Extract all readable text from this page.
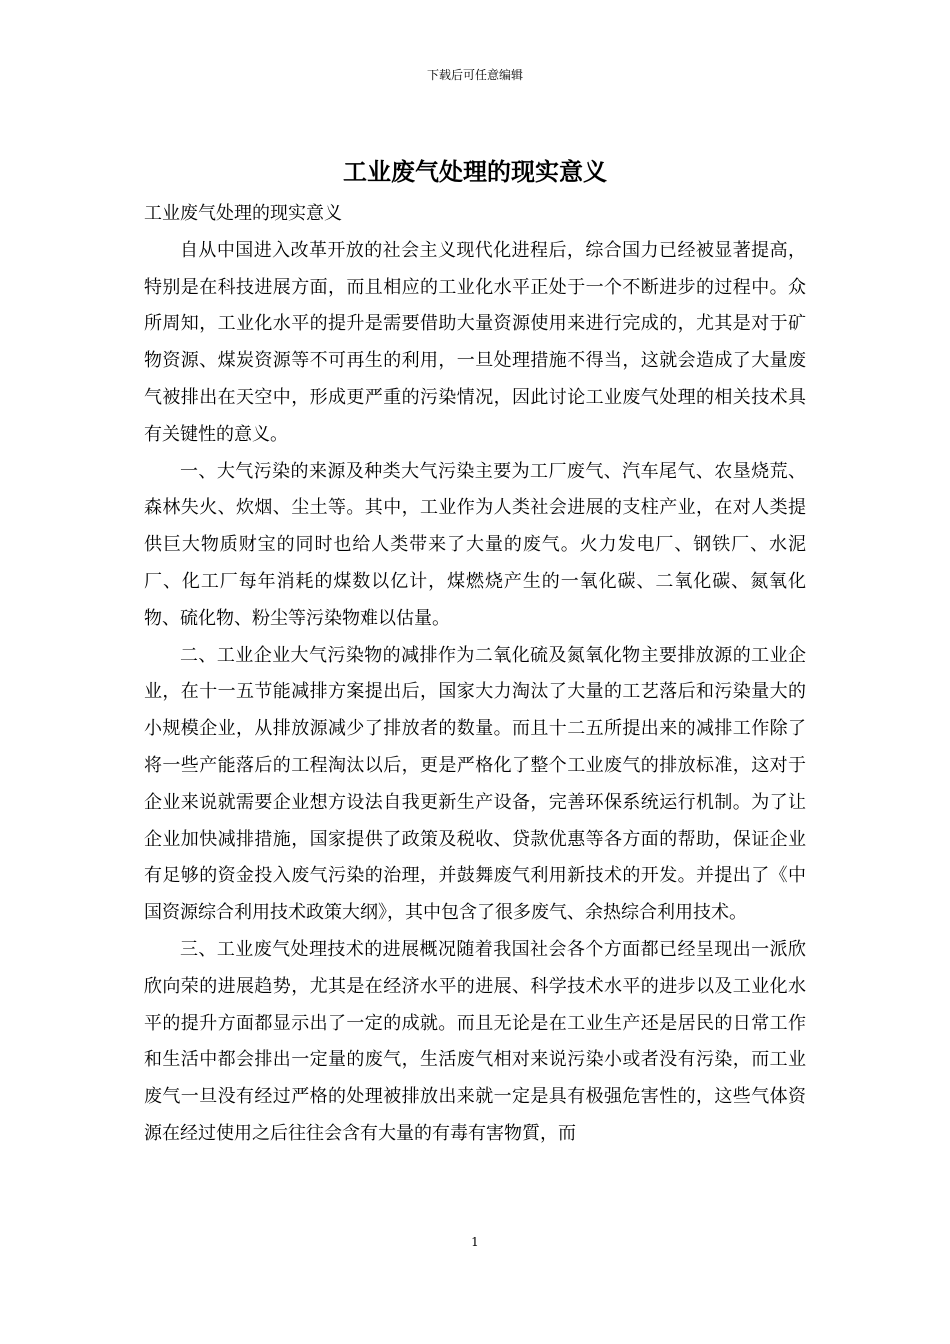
下载后可任意编辑
工业废气处理的现实意义

工业废气处理的现实意义

自从中国进入改革开放的社会主义现代化进程后，综合国力已经被显著提高，特别是在科技进展方面，而且相应的工业化水平正处于一个不断进步的过程中。众所周知，工业化水平的提升是需要借助大量资源使用来进行完成的，尤其是对于矿物资源、煤炭资源等不可再生的利用，一旦处理措施不得当，这就会造成了大量废气被排出在天空中，形成更严重的污染情况，因此讨论工业废气处理的相关技术具有关键性的意义。

一、大气污染的来源及种类大气污染主要为工厂废气、汽车尾气、农垦烧荒、森林失火、炊烟、尘土等。其中，工业作为人类社会进展的支柱产业，在对人类提供巨大物质财宝的同时也给人类带来了大量的废气。火力发电厂、钢铁厂、水泥厂、化工厂每年消耗的煤数以亿计，煤燃烧产生的一氧化碳、二氧化碳、氮氧化物、硫化物、粉尘等污染物难以估量。

二、工业企业大气污染物的减排作为二氧化硫及氮氧化物主要排放源的工业企业，在十一五节能减排方案提出后，国家大力淘汰了大量的工艺落后和污染量大的小规模企业，从排放源减少了排放者的数量。而且十二五所提出来的减排工作除了将一些产能落后的工程淘汰以后，更是严格化了整个工业废气的排放标准，这对于企业来说就需要企业想方设法自我更新生产设备，完善环保系统运行机制。为了让企业加快减排措施，国家提供了政策及税收、贷款优惠等各方面的帮助，保证企业有足够的资金投入废气污染的治理，并鼓舞废气利用新技术的开发。并提出了《中国资源综合利用技术政策大纲》，其中包含了很多废气、余热综合利用技术。

三、工业废气处理技术的进展概况随着我国社会各个方面都已经呈现出一派欣欣向荣的进展趋势，尤其是在经济水平的进展、科学技术水平的进步以及工业化水平的提升方面都显示出了一定的成就。而且无论是在工业生产还是居民的日常工作和生活中都会排出一定量的废气，生活废气相对来说污染小或者没有污染，而工业废气一旦没有经过严格的处理被排放出来就一定是具有极强危害性的，这些气体资源在经过使用之后往往会含有大量的有毒有害物質，而

1
